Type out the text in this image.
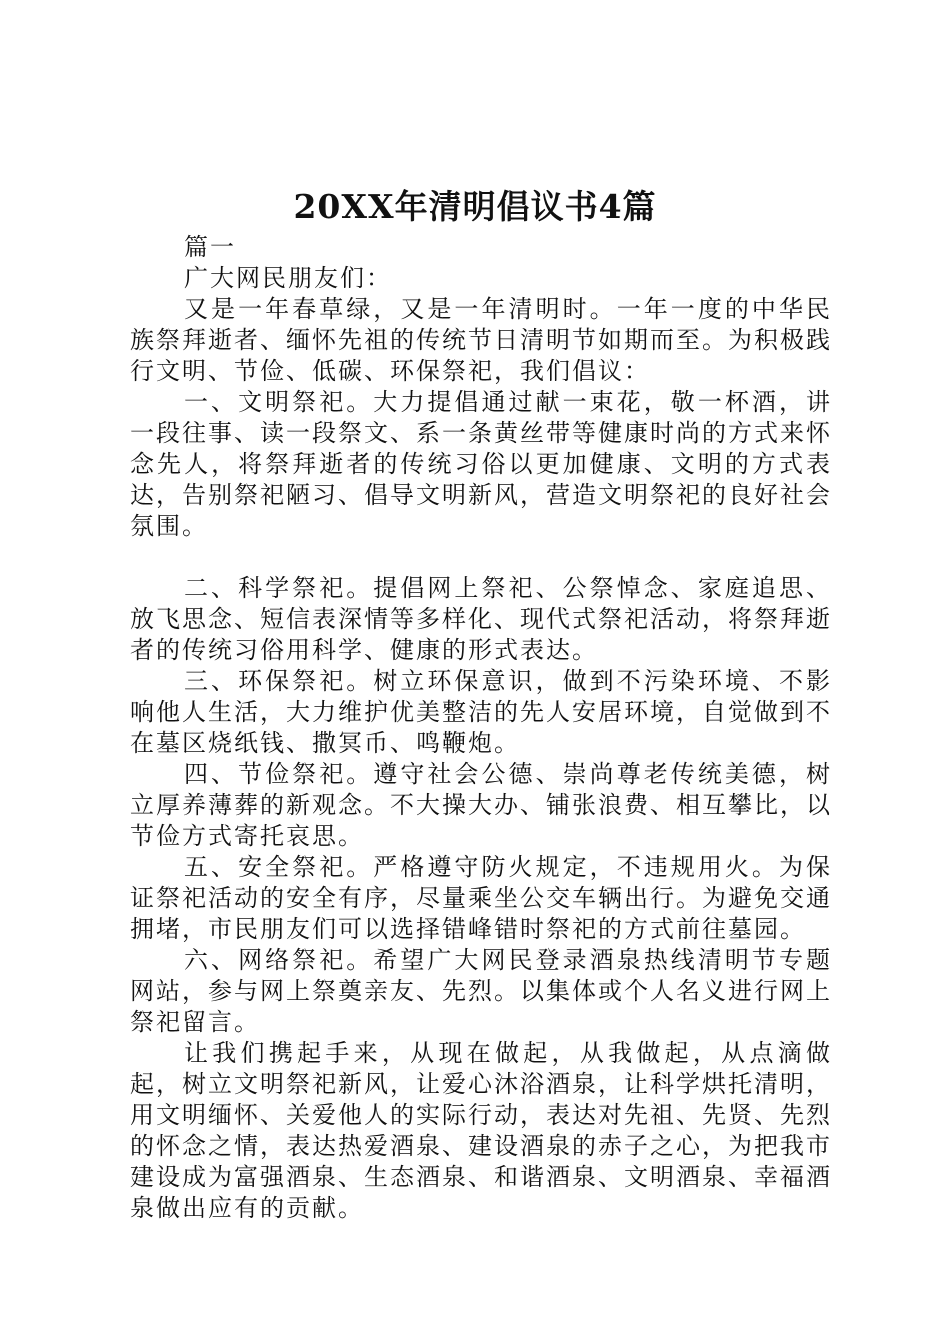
20XX年清明倡议书4篇

篇一

广大网民朋友们：

又是一年春草绿，又是一年清明时。一年一度的中华民族祭拜逝者、缅怀先祖的传统节日清明节如期而至。为积极践行文明、节俭、低碳、环保祭祀，我们倡议：

一、文明祭祀。大力提倡通过献一束花，敬一杯酒，讲一段往事、读一段祭文、系一条黄丝带等健康时尚的方式来怀念先人，将祭拜逝者的传统习俗以更加健康、文明的方式表达，告别祭祀陋习、倡导文明新风，营造文明祭祀的良好社会氛围。

二、科学祭祀。提倡网上祭祀、公祭悼念、家庭追思、放飞思念、短信表深情等多样化、现代式祭祀活动，将祭拜逝者的传统习俗用科学、健康的形式表达。

三、环保祭祀。树立环保意识，做到不污染环境、不影响他人生活，大力维护优美整洁的先人安居环境，自觉做到不在墓区烧纸钱、撒冥币、鸣鞭炮。

四、节俭祭祀。遵守社会公德、崇尚尊老传统美德，树立厚养薄葬的新观念。不大操大办、铺张浪费、相互攀比，以节俭方式寄托哀思。

五、安全祭祀。严格遵守防火规定，不违规用火。为保证祭祀活动的安全有序，尽量乘坐公交车辆出行。为避免交通拥堵，市民朋友们可以选择错峰错时祭祀的方式前往墓园。

六、网络祭祀。希望广大网民登录酒泉热线清明节专题网站，参与网上祭奠亲友、先烈。以集体或个人名义进行网上祭祀留言。

让我们携起手来，从现在做起，从我做起，从点滴做起，树立文明祭祀新风，让爱心沐浴酒泉，让科学烘托清明，用文明缅怀、关爱他人的实际行动，表达对先祖、先贤、先烈的怀念之情，表达热爱酒泉、建设酒泉的赤子之心，为把我市建设成为富强酒泉、生态酒泉、和谐酒泉、文明酒泉、幸福酒泉做出应有的贡献。
